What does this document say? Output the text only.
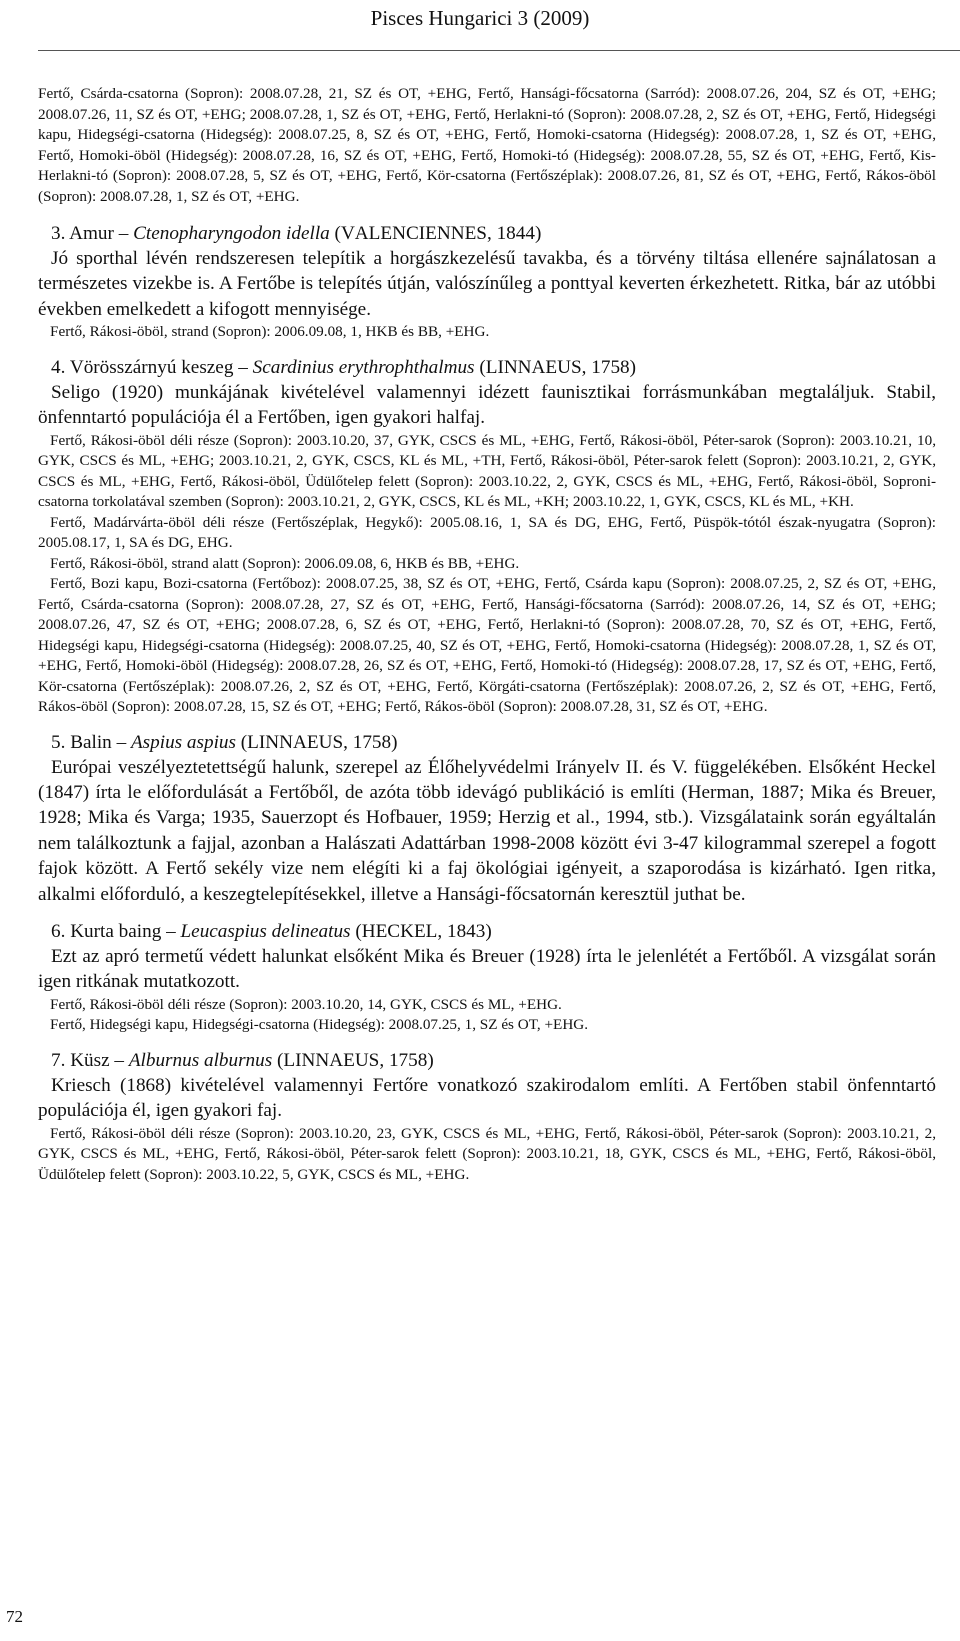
Pisces Hungarici 3 (2009)

Fertő, Csárda-csatorna (Sopron): 2008.07.28, 21, SZ és OT, +EHG, Fertő, Hansági-főcsatorna (Sarród): 2008.07.26, 204, SZ és OT, +EHG; 2008.07.26, 11, SZ és OT, +EHG; 2008.07.28, 1, SZ és OT, +EHG, Fertő, Herlakni-tó (Sopron): 2008.07.28, 2, SZ és OT, +EHG, Fertő, Hidegségi kapu, Hidegségi-csatorna (Hidegség): 2008.07.25, 8, SZ és OT, +EHG, Fertő, Homoki-csatorna (Hidegség): 2008.07.28, 1, SZ és OT, +EHG, Fertő, Homoki-öböl (Hidegség): 2008.07.28, 16, SZ és OT, +EHG, Fertő, Homoki-tó (Hidegség): 2008.07.28, 55, SZ és OT, +EHG, Fertő, Kis-Herlakni-tó (Sopron): 2008.07.28, 5, SZ és OT, +EHG, Fertő, Kör-csatorna (Fertőszéplak): 2008.07.26, 81, SZ és OT, +EHG, Fertő, Rákos-öböl (Sopron): 2008.07.28, 1, SZ és OT, +EHG.

3. Amur – Ctenopharyngodon idella (VALENCIENNES, 1844)

Jó sporthal lévén rendszeresen telepítik a horgászkezelésű tavakba, és a törvény tiltása ellenére sajnálatosan a természetes vizekbe is. A Fertőbe is telepítés útján, valószínűleg a ponttyal keverten érkezhetett. Ritka, bár az utóbbi években emelkedett a kifogott mennyisége.

Fertő, Rákosi-öböl, strand (Sopron): 2006.09.08, 1, HKB és BB, +EHG.

4. Vörösszárnyú keszeg – Scardinius erythrophthalmus (LINNAEUS, 1758)

Seligo (1920) munkájának kivételével valamennyi idézett faunisztikai forrásmunkában megtaláljuk. Stabil, önfenntartó populációja él a Fertőben, igen gyakori halfaj.

Fertő, Rákosi-öböl déli része (Sopron): 2003.10.20, 37, GYK, CSCS és ML, +EHG, Fertő, Rákosi-öböl, Péter-sarok (Sopron): 2003.10.21, 10, GYK, CSCS és ML, +EHG; 2003.10.21, 2, GYK, CSCS, KL és ML, +TH, Fertő, Rákosi-öböl, Péter-sarok felett (Sopron): 2003.10.21, 2, GYK, CSCS és ML, +EHG, Fertő, Rákosi-öböl, Üdülőtelep felett (Sopron): 2003.10.22, 2, GYK, CSCS és ML, +EHG, Fertő, Rákosi-öböl, Soproni-csatorna torkolatával szemben (Sopron): 2003.10.21, 2, GYK, CSCS, KL és ML, +KH; 2003.10.22, 1, GYK, CSCS, KL és ML, +KH.

Fertő, Madárvárta-öböl déli része (Fertőszéplak, Hegykő): 2005.08.16, 1, SA és DG, EHG, Fertő, Püspök-tótól észak-nyugatra (Sopron): 2005.08.17, 1, SA és DG, EHG.

Fertő, Rákosi-öböl, strand alatt (Sopron): 2006.09.08, 6, HKB és BB, +EHG.

Fertő, Bozi kapu, Bozi-csatorna (Fertőboz): 2008.07.25, 38, SZ és OT, +EHG, Fertő, Csárda kapu (Sopron): 2008.07.25, 2, SZ és OT, +EHG, Fertő, Csárda-csatorna (Sopron): 2008.07.28, 27, SZ és OT, +EHG, Fertő, Hansági-főcsatorna (Sarród): 2008.07.26, 14, SZ és OT, +EHG; 2008.07.26, 47, SZ és OT, +EHG; 2008.07.28, 6, SZ és OT, +EHG, Fertő, Herlakni-tó (Sopron): 2008.07.28, 70, SZ és OT, +EHG, Fertő, Hidegségi kapu, Hidegségi-csatorna (Hidegség): 2008.07.25, 40, SZ és OT, +EHG, Fertő, Homoki-csatorna (Hidegség): 2008.07.28, 1, SZ és OT, +EHG, Fertő, Homoki-öböl (Hidegség): 2008.07.28, 26, SZ és OT, +EHG, Fertő, Homoki-tó (Hidegség): 2008.07.28, 17, SZ és OT, +EHG, Fertő, Kör-csatorna (Fertőszéplak): 2008.07.26, 2, SZ és OT, +EHG, Fertő, Körgáti-csatorna (Fertőszéplak): 2008.07.26, 2, SZ és OT, +EHG, Fertő, Rákos-öböl (Sopron): 2008.07.28, 15, SZ és OT, +EHG; Fertő, Rákos-öböl (Sopron): 2008.07.28, 31, SZ és OT, +EHG.

5. Balin – Aspius aspius (LINNAEUS, 1758)

Európai veszélyeztetettségű halunk, szerepel az Élőhelyvédelmi Irányelv II. és V. függelékében. Elsőként Heckel (1847) írta le előfordulását a Fertőből, de azóta több idevágó publikáció is említi (Herman, 1887; Mika és Breuer, 1928; Mika és Varga; 1935, Sauerzopt és Hofbauer, 1959; Herzig et al., 1994, stb.). Vizsgálataink során egyáltalán nem találkoztunk a fajjal, azonban a Halászati Adattárban 1998-2008 között évi 3-47 kilogrammal szerepel a fogott fajok között. A Fertő sekély vize nem elégíti ki a faj ökológiai igényeit, a szaporodása is kizárható. Igen ritka, alkalmi előforduló, a keszegtelepítésekkel, illetve a Hansági-főcsatornán keresztül juthat be.

6. Kurta baing – Leucaspius delineatus (HECKEL, 1843)

Ezt az apró termetű védett halunkat elsőként Mika és Breuer (1928) írta le jelenlétét a Fertőből. A vizsgálat során igen ritkának mutatkozott.

Fertő, Rákosi-öböl déli része (Sopron): 2003.10.20, 14, GYK, CSCS és ML, +EHG.

Fertő, Hidegségi kapu, Hidegségi-csatorna (Hidegség): 2008.07.25, 1, SZ és OT, +EHG.

7. Küsz – Alburnus alburnus (LINNAEUS, 1758)

Kriesch (1868) kivételével valamennyi Fertőre vonatkozó szakirodalom említi. A Fertőben stabil önfenntartó populációja él, igen gyakori faj.

Fertő, Rákosi-öböl déli része (Sopron): 2003.10.20, 23, GYK, CSCS és ML, +EHG, Fertő, Rákosi-öböl, Péter-sarok (Sopron): 2003.10.21, 2, GYK, CSCS és ML, +EHG, Fertő, Rákosi-öböl, Péter-sarok felett (Sopron): 2003.10.21, 18, GYK, CSCS és ML, +EHG, Fertő, Rákosi-öböl, Üdülőtelep felett (Sopron): 2003.10.22, 5, GYK, CSCS és ML, +EHG.

72
